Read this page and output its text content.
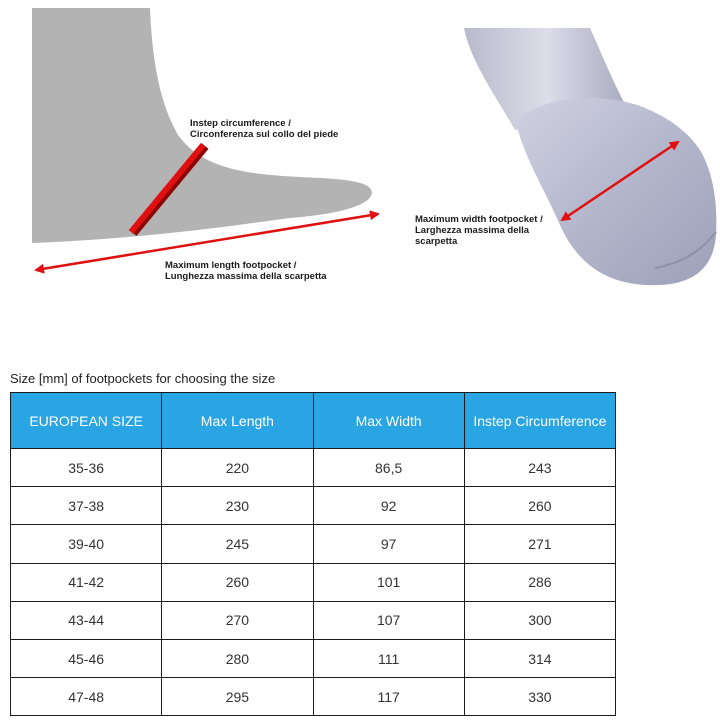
Instep circumference /
Circonferenza sul collo del piede
Maximum length footpocket /
Lunghezza massima della scarpetta
Maximum width footpocket /
Larghezza massima della
scarpetta
Size [mm] of footpockets for choosing the size
EUROPEAN SIZE	Max Length	Max Width	Instep Circumference
35-36	220	86,5	243
37-38	230	92	260
39-40	245	97	271
41-42	260	101	286
43-44	270	107	300
45-46	280	111	314
47-48	295	117	330
